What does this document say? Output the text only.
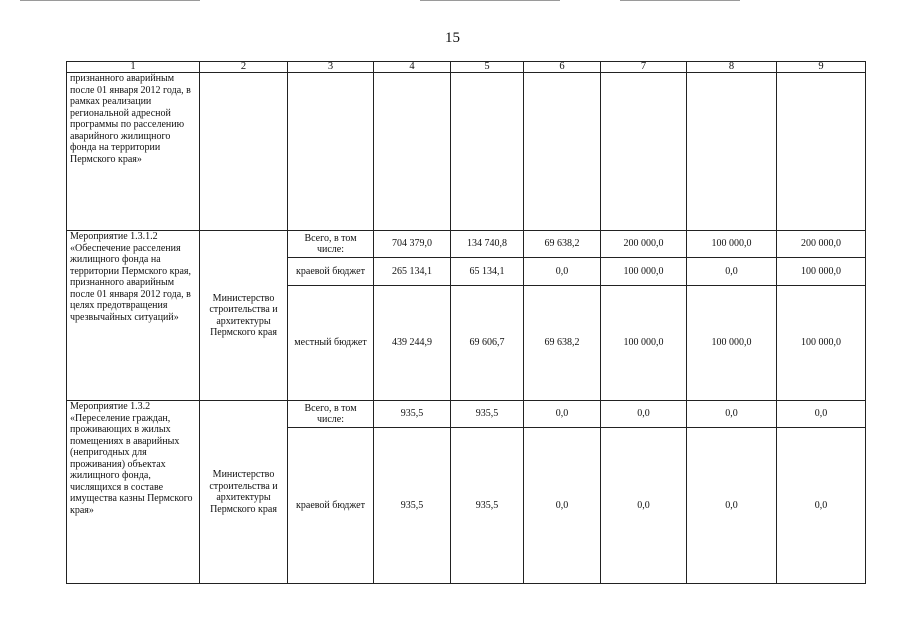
15
1	2	3	4	5	6	7	8	9
признанного аварийным после 01 января 2012 года, в рамках реализации региональной адресной программы по расселению аварийного жилищного фонда на территории Пермского края»								
Мероприятие 1.3.1.2 «Обеспечение расселения жилищного фонда на территории Пермского края, признанного аварийным после 01 января 2012 года, в целях предотвращения чрезвычайных ситуаций»	Министерство строительства и архитектуры Пермского края	Всего, в том числе:	704 379,0	134 740,8	69 638,2	200 000,0	100 000,0	200 000,0
		краевой бюджет	265 134,1	65 134,1	0,0	100 000,0	0,0	100 000,0
		местный бюджет	439 244,9	69 606,7	69 638,2	100 000,0	100 000,0	100 000,0
Мероприятие 1.3.2 «Переселение граждан, проживающих в жилых помещениях в аварийных (непригодных для проживания) объектах жилищного фонда, числящихся в составе имущества казны Пермского края»	Министерство строительства и архитектуры Пермского края	Всего, в том числе:	935,5	935,5	0,0	0,0	0,0	0,0
		краевой бюджет	935,5	935,5	0,0	0,0	0,0	0,0
